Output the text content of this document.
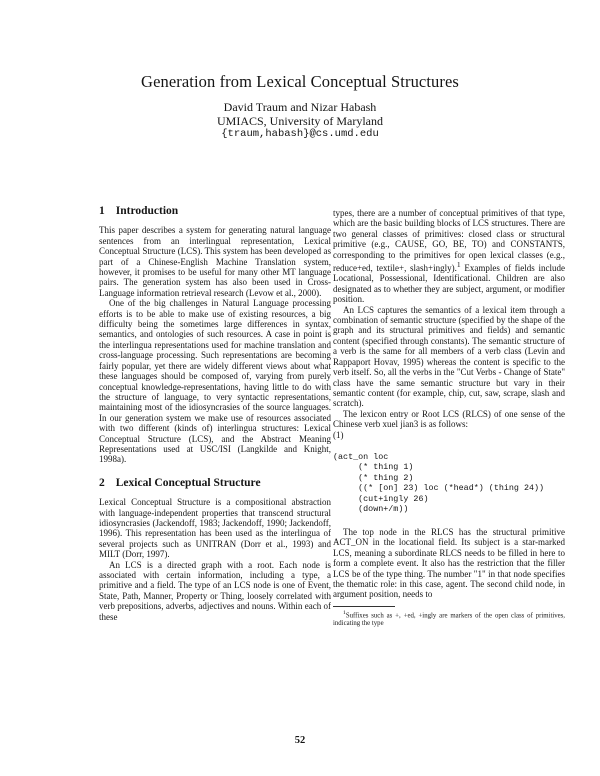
Generation from Lexical Conceptual Structures
David Traum and Nizar Habash
UMIACS, University of Maryland
{traum,habash}@cs.umd.edu
1 Introduction

This paper describes a system for generating natural language sentences from an interlingual representation, Lexical Conceptual Structure (LCS). This system has been developed as part of a Chinese-English Machine Translation system, however, it promises to be useful for many other MT language pairs. The generation system has also been used in Cross-Language information retrieval research (Levow et al., 2000).

One of the big challenges in Natural Language processing efforts is to be able to make use of existing resources, a big difficulty being the sometimes large differences in syntax, semantics, and ontologies of such resources. A case in point is the interlingua representations used for machine translation and cross-language processing. Such representations are becoming fairly popular, yet there are widely different views about what these languages should be composed of, varying from purely conceptual knowledge-representations, having little to do with the structure of language, to very syntactic representations, maintaining most of the idiosyncrasies of the source languages. In our generation system we make use of resources associated with two different (kinds of) interlingua structures: Lexical Conceptual Structure (LCS), and the Abstract Meaning Representations used at USC/ISI (Langkilde and Knight, 1998a).

2 Lexical Conceptual Structure

Lexical Conceptual Structure is a compositional abstraction with language-independent properties that transcend structural idiosyncrasies (Jackendoff, 1983; Jackendoff, 1990; Jackendoff, 1996). This representation has been used as the interlingua of several projects such as UNITRAN (Dorr et al., 1993) and MILT (Dorr, 1997).

An LCS is a directed graph with a root. Each node is associated with certain information, including a type, a primitive and a field. The type of an LCS node is one of Event, State, Path, Manner, Property or Thing, loosely correlated with verb prepositions, adverbs, adjectives and nouns. Within each of these

types, there are a number of conceptual primitives of that type, which are the basic building blocks of LCS structures. There are two general classes of primitives: closed class or structural primitive (e.g., CAUSE, GO, BE, TO) and CONSTANTS, corresponding to the primitives for open lexical classes (e.g., reduce+ed, textile+, slash+ingly).$^1$ Examples of fields include Locational, Possessional, Identificational. Children are also designated as to whether they are subject, argument, or modifier position.

An LCS captures the semantics of a lexical item through a combination of semantic structure (specified by the shape of the graph and its structural primitives and fields) and semantic content (specified through constants). The semantic structure of a verb is the same for all members of a verb class (Levin and Rappaport Hovav, 1995) whereas the content is specific to the verb itself. So, all the verbs in the "Cut Verbs - Change of State" class have the same semantic structure but vary in their semantic content (for example, chip, cut, saw, scrape, slash and scratch).

The lexicon entry or Root LCS (RLCS) of one sense of the Chinese verb xuel jian3 is as follows:

(1)

(act_on loc
(* thing 1)
(* thing 2)
((* [on] 23) loc (*head*) (thing 24))
(cut+ingly 26)
(down+/m))

The top node in the RLCS has the structural primitive ACT_ON in the locational field. Its subject is a star-marked LCS, meaning a subordinate RLCS needs to be filled in here to form a complete event. It also has the restriction that the filler LCS be of the type thing. The number "1" in that node specifies the thematic role: in this case, agent. The second child node, in argument position, needs to

$^1$Suffixes such as +, +ed, +ingly are markers of the open class of primitives, indicating the type

52
